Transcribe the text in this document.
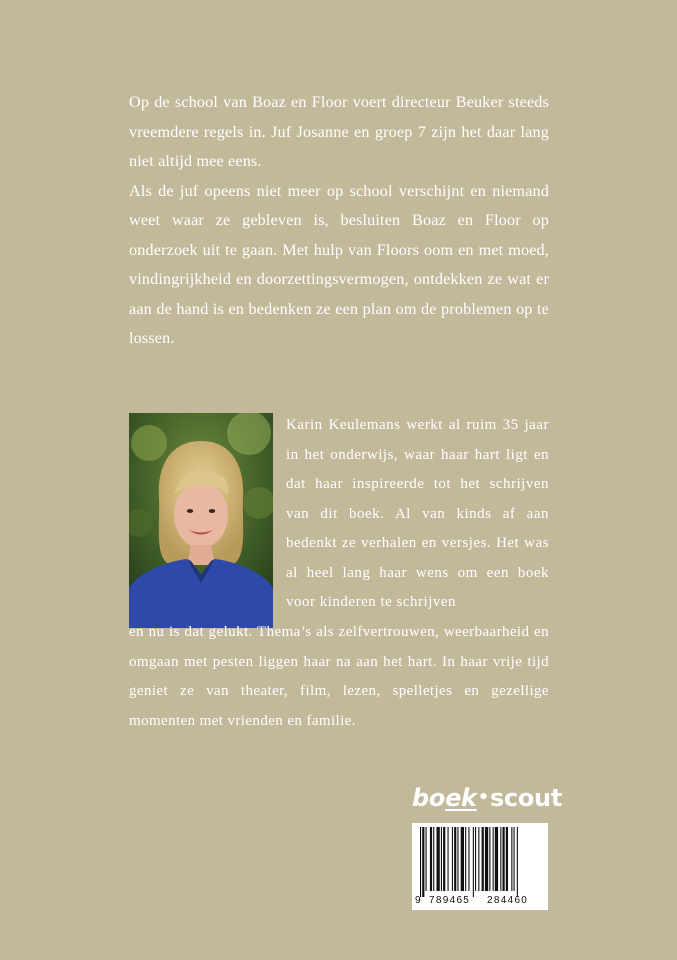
Op de school van Boaz en Floor voert directeur Beuker steeds vreemdere regels in. Juf Josanne en groep 7 zijn het daar lang niet altijd mee eens.

Als de juf opeens niet meer op school verschijnt en niemand weet waar ze gebleven is, besluiten Boaz en Floor op onderzoek uit te gaan. Met hulp van Floors oom en met moed, vindingrijkheid en doorzettingsvermogen, ontdekken ze wat er aan de hand is en bedenken ze een plan om de problemen op te lossen.

Karin Keulemans werkt al ruim 35 jaar in het onderwijs, waar haar hart ligt en dat haar inspireerde tot het schrijven van dit boek. Al van kinds af aan bedenkt ze verhalen en versjes. Het was al heel lang haar wens om een boek voor kinderen te schrijven

en nu is dat gelukt. Thema’s als zelfvertrouwen, weerbaarheid en omgaan met pesten liggen haar na aan het hart. In haar vrije tijd geniet ze van theater, film, lezen, spelletjes en gezellige momenten met vrienden en familie.

boek•scout
9 789465 284460
